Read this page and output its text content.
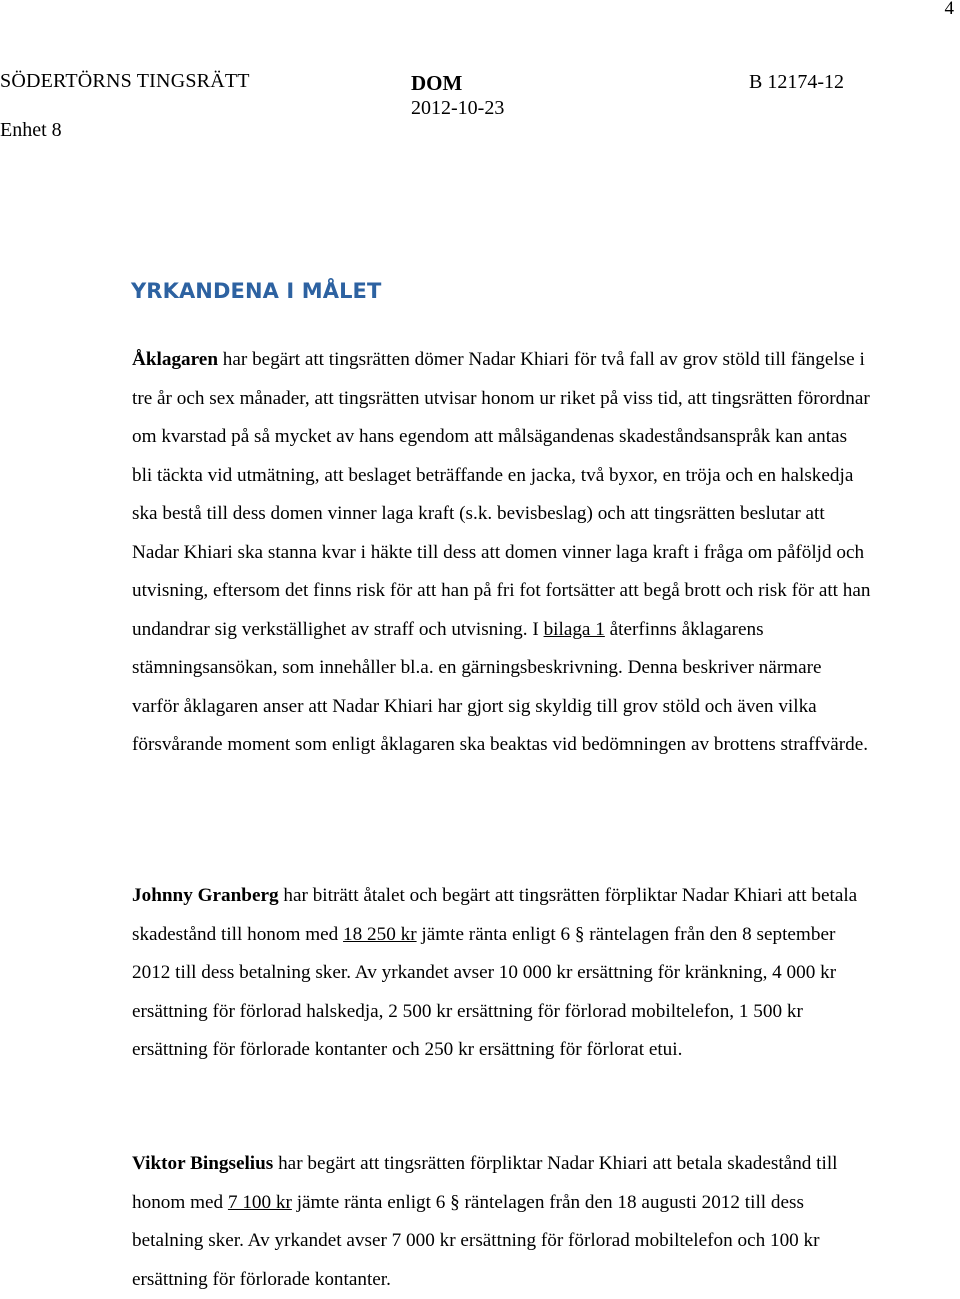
4
SÖDERTÖRNS TINGSRÄTT
Enhet 8
DOM
2012-10-23
B 12174-12
YRKANDENA I MÅLET

Åklagaren har begärt att tingsrätten dömer Nadar Khiari för två fall av grov stöld till fängelse i tre år och sex månader, att tingsrätten utvisar honom ur riket på viss tid, att tingsrätten förordnar om kvarstad på så mycket av hans egendom att målsägandenas skadeståndsanspråk kan antas bli täckta vid utmätning, att beslaget beträffande en jacka, två byxor, en tröja och en halskedja ska bestå till dess domen vinner laga kraft (s.k. bevisbeslag) och att tingsrätten beslutar att Nadar Khiari ska stanna kvar i häkte till dess att domen vinner laga kraft i fråga om påföljd och utvisning, eftersom det finns risk för att han på fri fot fortsätter att begå brott och risk för att han undandrar sig verkställighet av straff och utvisning. I bilaga 1 återfinns åklagarens stämningsansökan, som innehåller bl.a. en gärningsbeskrivning. Denna beskriver närmare varför åklagaren anser att Nadar Khiari har gjort sig skyldig till grov stöld och även vilka försvårande moment som enligt åklagaren ska beaktas vid bedömningen av brottens straffvärde.

Johnny Granberg har biträtt åtalet och begärt att tingsrätten förpliktar Nadar Khiari att betala skadestånd till honom med 18 250 kr jämte ränta enligt 6 § räntelagen från den 8 september 2012 till dess betalning sker. Av yrkandet avser 10 000 kr ersättning för kränkning, 4 000 kr ersättning för förlorad halskedja, 2 500 kr ersättning för förlorad mobiltelefon, 1 500 kr ersättning för förlorade kontanter och 250 kr ersättning för förlorat etui.

Viktor Bingselius har begärt att tingsrätten förpliktar Nadar Khiari att betala skadestånd till honom med 7 100 kr jämte ränta enligt 6 § räntelagen från den 18 augusti 2012 till dess betalning sker. Av yrkandet avser 7 000 kr ersättning för förlorad mobiltelefon och 100 kr ersättning för förlorade kontanter.
